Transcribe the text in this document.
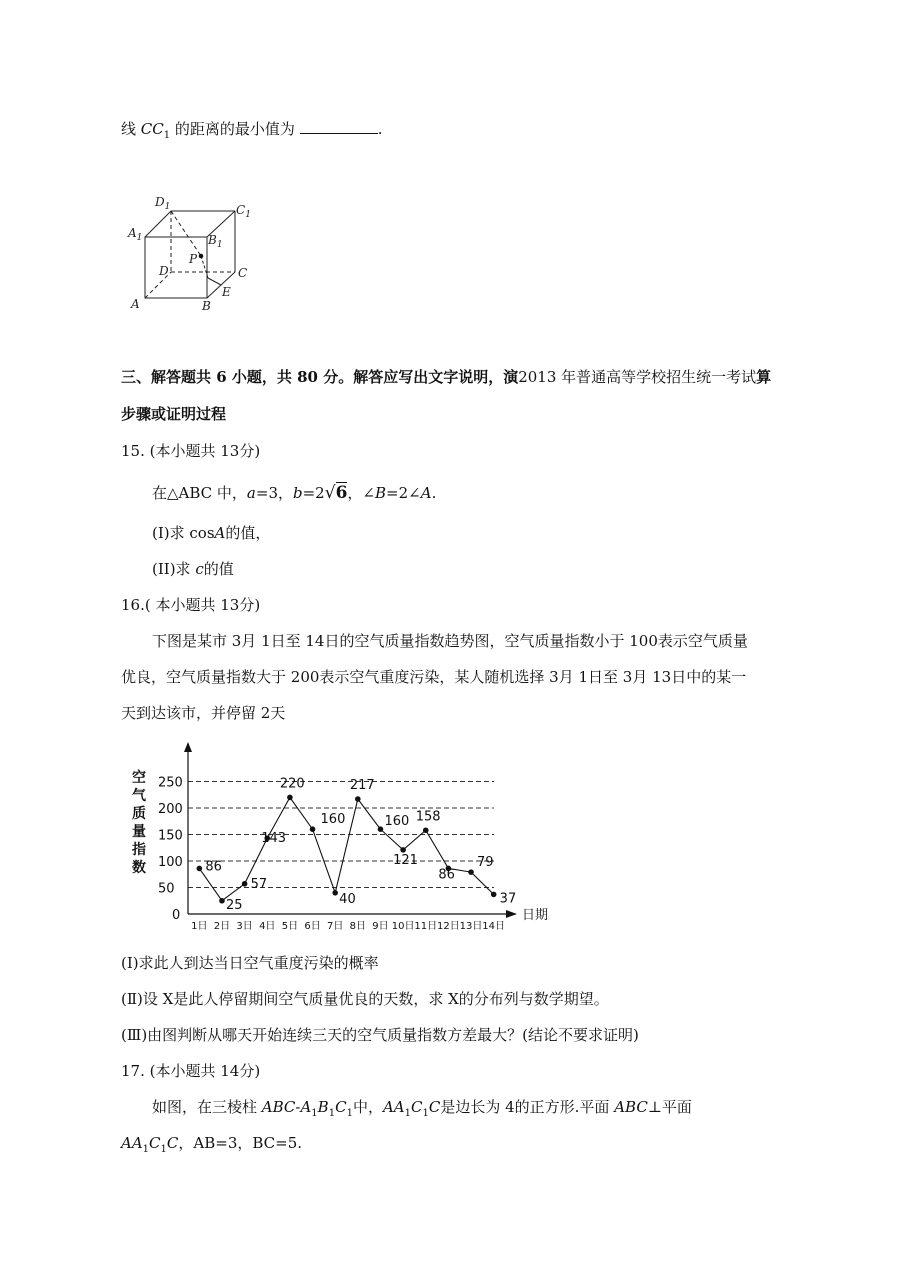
线 $CC_1$ 的距离的最小值为	.
$D_1$	$C_1$
$A_1$	$B_1$
P
D	C
A	B
E
三、解答题共 6 小题，共 80 分。解答应写出文字说明，演2013 年普通高等学校招生统一考试算
步骤或证明过程
15. (本小题共 13分)
在△ABC 中，a=3，b=2√6，∠B=2∠A.
(I)求 cosA的值，
(II)求 c的值
16.( 本小题共 13分)
下图是某市 3月 1日至 14日的空气质量指数趋势图，空气质量指数小于 100表示空气质量
优良，空气质量指数大于 200表示空气重度污染，某人随机选择 3月 1日至 3月 13日中的某一
天到达该市，并停留 2天
0
50
100
150
200
250
空
气
质
量
指
数
1日 2日 3日 4日 5日 6日 7日 8日 9日 10日 11日 12日 13日 14日
日期
86
25
57
143
220
160
40
217
160
121
158
86
79
37
(Ⅰ)求此人到达当日空气重度污染的概率
(Ⅱ)设 X是此人停留期间空气质量优良的天数，求 X的分布列与数学期望。
(Ⅲ)由图判断从哪天开始连续三天的空气质量指数方差最大？(结论不要求证明)
17. (本小题共 14分)
如图，在三棱柱 ABC-$A_1B_1C_1$中，$AA_1C_1C$是边长为 4的正方形.平面 ABC⊥平面
$AA_1C_1C$，AB=3，BC=5.
